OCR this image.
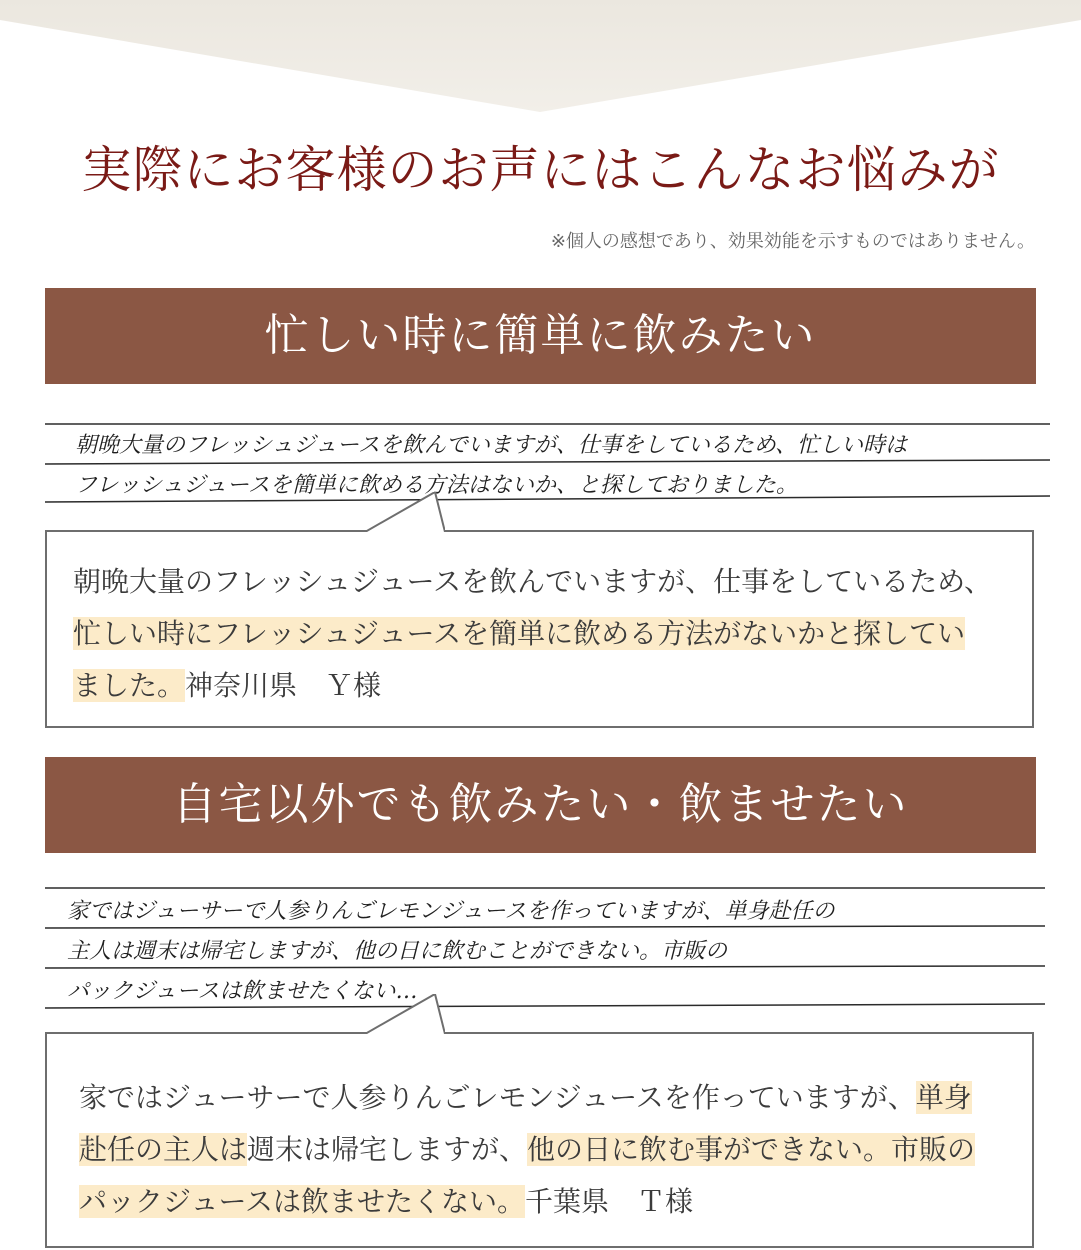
実際にお客様のお声にはこんなお悩みが
※個人の感想であり、効果効能を示すものではありません。
忙しい時に簡単に飲みたい
朝晩大量のフレッシュジュースを飲んでいますが、仕事をしているため、忙しい時は
フレッシュジュースを簡単に飲める方法はないか、と探しておりました。

朝晩大量のフレッシュジュースを飲んでいますが、仕事をしているため、忙しい時にフレッシュジュースを簡単に飲める方法がないかと探していました。神奈川県　Ｙ様

自宅以外でも飲みたい・飲ませたい
家ではジューサーで人参りんごレモンジュースを作っていますが、単身赴任の
主人は週末は帰宅しますが、他の日に飲むことができない。市販の
パックジュースは飲ませたくない…

家ではジューサーで人参りんごレモンジュースを作っていますが、単身赴任の主人は週末は帰宅しますが、他の日に飲む事ができない。市販のパックジュースは飲ませたくない。千葉県　Ｔ様
